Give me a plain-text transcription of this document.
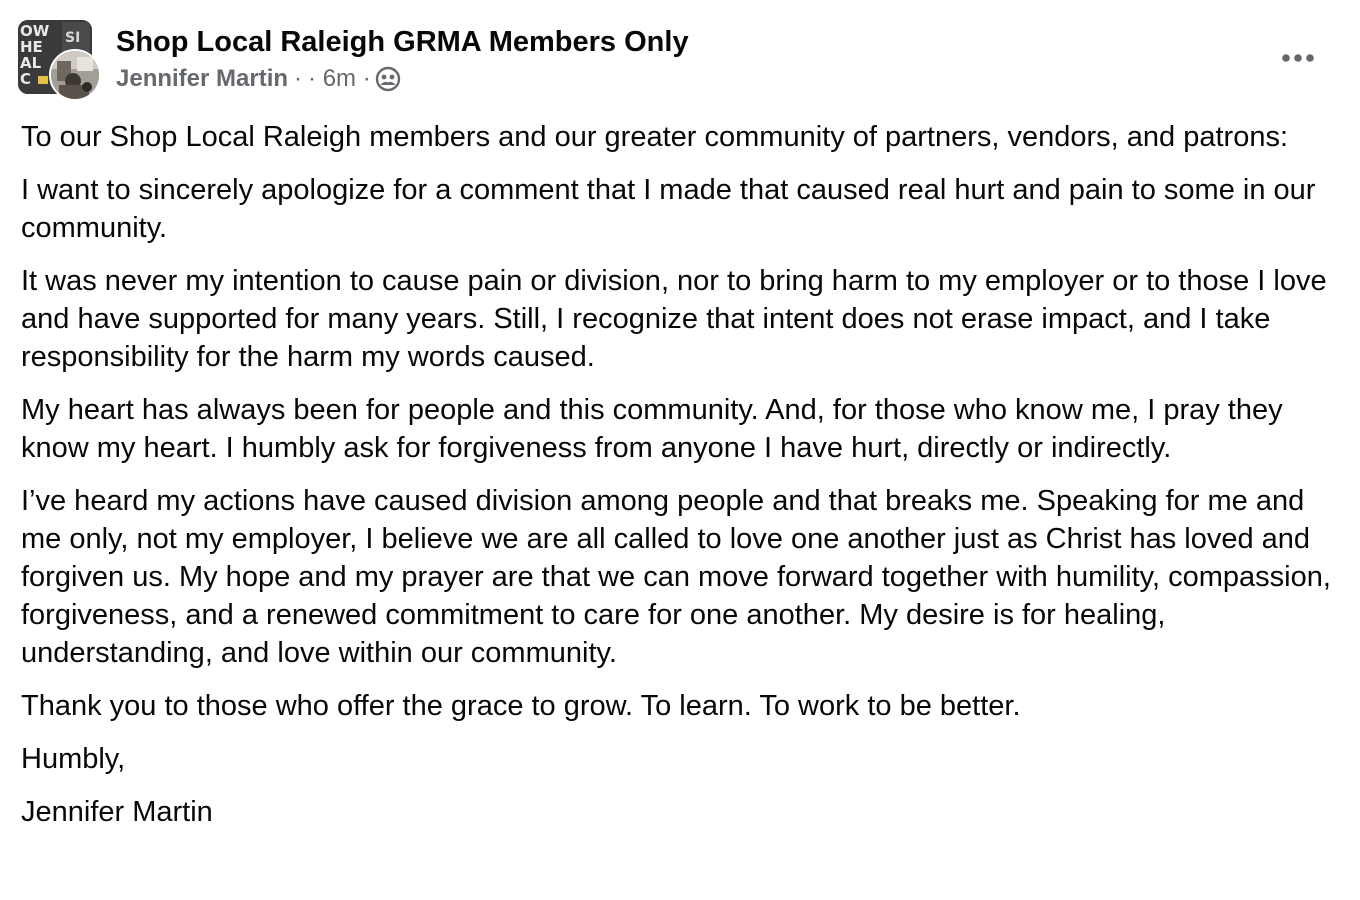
OW
HE
AL
C
SI Shop Local Raleigh GRMA Members Only
Jennifer Martin · · 6m ·

To our Shop Local Raleigh members and our greater community of partners, vendors, and patrons:

I want to sincerely apologize for a comment that I made that caused real hurt and pain to some in our community.

It was never my intention to cause pain or division, nor to bring harm to my employer or to those I love and have supported for many years. Still, I recognize that intent does not erase impact, and I take responsibility for the harm my words caused.

My heart has always been for people and this community. And, for those who know me, I pray they know my heart. I humbly ask for forgiveness from anyone I have hurt, directly or indirectly.

I’ve heard my actions have caused division among people and that breaks me. Speaking for me and me only, not my employer, I believe we are all called to love one another just as Christ has loved and forgiven us. My hope and my prayer are that we can move forward together with humility, compassion, forgiveness, and a renewed commitment to care for one another. My desire is for healing, understanding, and love within our community.

Thank you to those who offer the grace to grow. To learn. To work to be better.

Humbly,

Jennifer Martin
